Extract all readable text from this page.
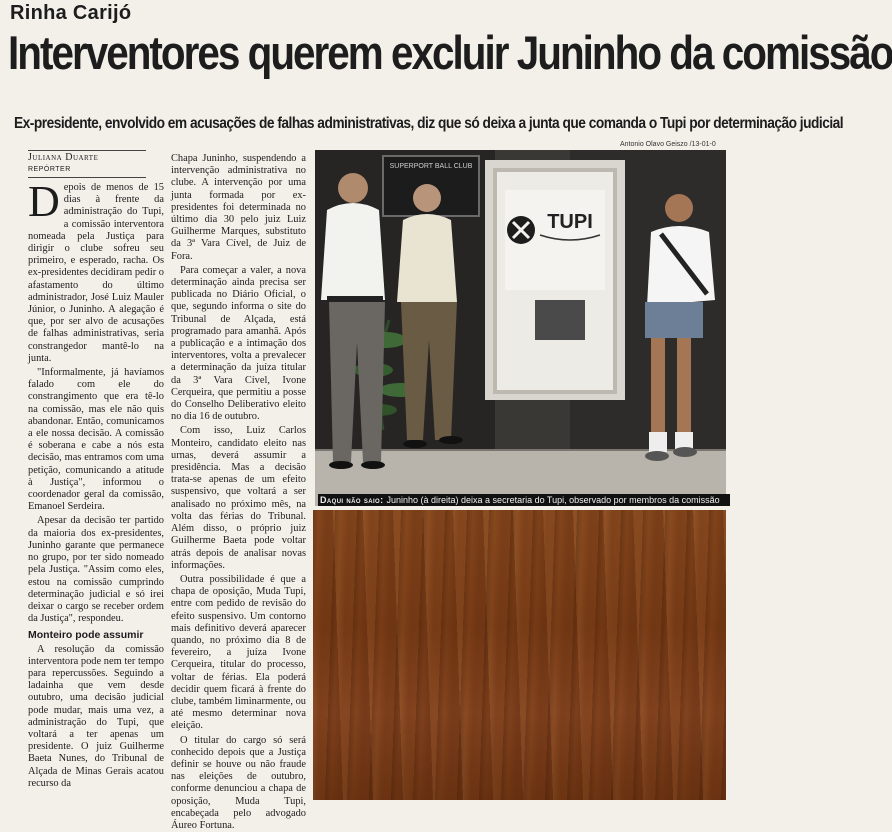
Rinha Carijó
Interventores querem excluir Juninho da comissão
Ex-presidente, envolvido em acusações de falhas administrativas, diz que só deixa a junta que comanda o Tupi por determinação judicial
Juliana Duarte
REPÓRTER

Depois de menos de 15 dias à frente da administração do Tupi, a comissão interventora nomeada pela Justiça para dirigir o clube sofreu seu primeiro, e esperado, racha. Os ex-presidentes decidiram pedir o afastamento do último administrador, José Luiz Mauler Júnior, o Juninho. A alegação é que, por ser alvo de acusações de falhas administrativas, seria constrangedor mantê-lo na junta.

"Informalmente, já havíamos falado com ele do constrangimento que era tê-lo na comissão, mas ele não quis abandonar. Então, comunicamos a ele nossa decisão. A comissão é soberana e cabe a nós esta decisão, mas entramos com uma petição, comunicando a atitude à Justiça", informou o coordenador geral da comissão, Emanoel Serdeira.

Apesar da decisão ter partido da maioria dos ex-presidentes, Juninho garante que permanece no grupo, por ter sido nomeado pela Justiça. "Assim como eles, estou na comissão cumprindo determinação judicial e só irei deixar o cargo se receber ordem da Justiça", respondeu.

Monteiro pode assumir

A resolução da comissão interventora pode nem ter tempo para repercussões. Seguindo a ladainha que vem desde outubro, uma decisão judicial pode mudar, mais uma vez, a administração do Tupi, que voltará a ter apenas um presidente. O juiz Guilherme Baeta Nunes, do Tribunal de Alçada de Minas Gerais acatou recurso da

Chapa Juninho, suspendendo a intervenção administrativa no clube. A intervenção por uma junta formada por ex-presidentes foi determinada no último dia 30 pelo juiz Luiz Guilherme Marques, substituto da 3ª Vara Cível, de Juiz de Fora.

Para começar a valer, a nova determinação ainda precisa ser publicada no Diário Oficial, o que, segundo informa o site do Tribunal de Alçada, está programado para amanhã. Após a publicação e a intimação dos interventores, volta a prevalecer a determinação da juíza titular da 3ª Vara Cível, Ivone Cerqueira, que permitiu a posse do Conselho Deliberativo eleito no dia 16 de outubro.

Com isso, Luiz Carlos Monteiro, candidato eleito nas urnas, deverá assumir a presidência. Mas a decisão trata-se apenas de um efeito suspensivo, que voltará a ser analisado no próximo mês, na volta das férias do Tribunal. Além disso, o próprio juiz Guilherme Baeta pode voltar atrás depois de analisar novas informações.

Outra possibilidade é que a chapa de oposição, Muda Tupi, entre com pedido de revisão do efeito suspensivo. Um contorno mais definitivo deverá aparecer quando, no próximo dia 8 de fevereiro, a juíza Ivone Cerqueira, titular do processo, voltar de férias. Ela poderá decidir quem ficará à frente do clube, também liminarmente, ou até mesmo determinar nova eleição.

O titular do cargo só será conhecido depois que a Justiça definir se houve ou não fraude nas eleições de outubro, conforme denunciou a chapa de oposição, Muda Tupi, encabeçada pelo advogado Áureo Fortuna.

Antonio Olavo Geiszo /13-01-0
SUPERPORT BALL CLUB
TUPI
Daqui não saio: Juninho (à direita) deixa a secretaria do Tupi, observado por membros da comissão
